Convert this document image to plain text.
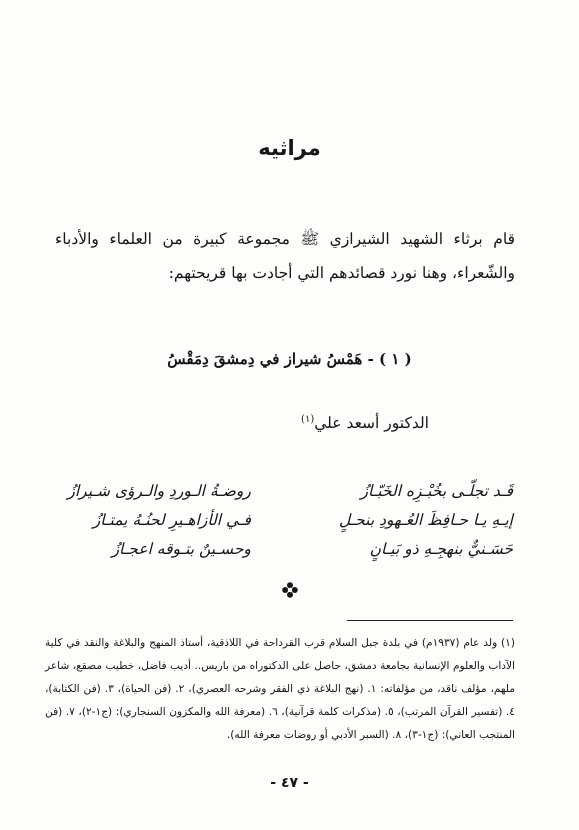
مراثيه
قام برثاء الشهيد الشيرازي ﷺ مجموعة كبيرة من العلماء والأدباء والشّعراء، وهنا نورد قصائدهم التي أجادت بها قريحتهم:
( ١ ) - هَمْسُ شيراز في دِمشقَ دِمَقْسُ
الدكتور أسعد علي$^{(١)}$
قَـد تجلّـى بخُبْـزِه الخَبّـازُ
روضـةُ الـوردِ والـرؤى شـيرازُ
إيـهِ يـا حـافِظَ العُـهودِ بنحـلٍ
فـي الأزاهـيرِ لحنُـهُ يمتـازُ
حَسَـنيٌّ بنهجِـهِ ذو بَيـانٍ
وحسـينٌ بتـوقه اعجـازُ
(١) ولد عام (١٩٣٧م) في بلدة جبل السلام قرب القرداحة في اللاذقية، أستاذ المنهج والبلاغة والنقد في كلية الآداب والعلوم الإنسانية بجامعة دمشق، حاصل على الدكتوراه من باريس.. أديب فاضل، خطيب مصقع، شاعر ملهم، مؤلف ناقد، من مؤلفاته: ١. (نهج البلاغة ذي الفقر وشرحه العصري)، ٢. (فن الحياة)، ٣. (فن الكتابة)، ٤. (تفسير القرآن المرتب)، ٥. (مذكرات كلمة قرآنية)، ٦. (معرفة الله والمكزون السنجاري): (ج١-٢)، ٧. (فن المنتجب العاني): (ج١-٣)، ٨. (السبر الأدبي أو روضات معرفة الله).
- ٤٧ -
